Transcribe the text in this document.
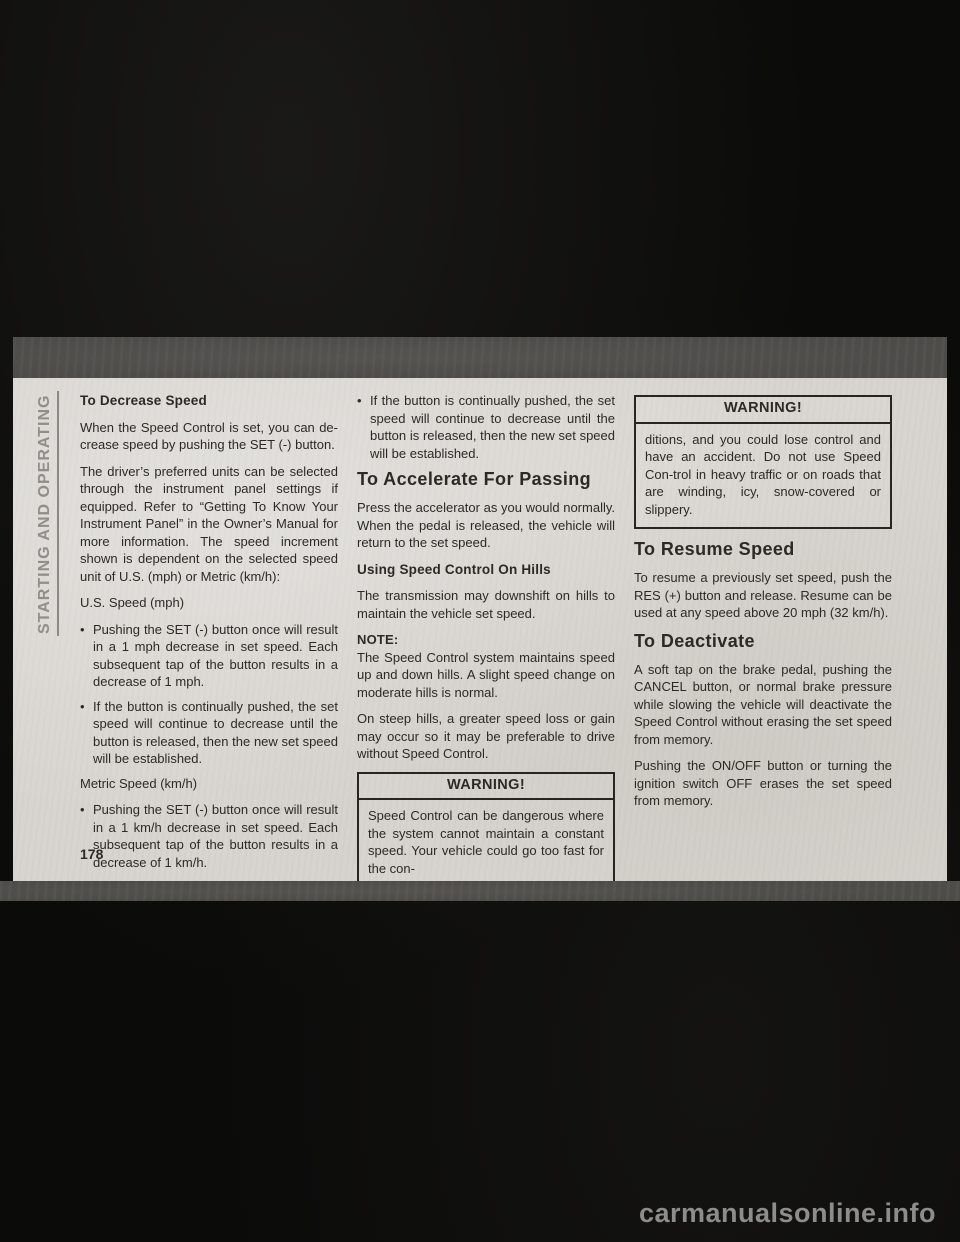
STARTING AND OPERATING	To Decrease Speed

When the Speed Control is set, you can de-crease speed by pushing the SET (-) button.

The driver’s preferred units can be selected through the instrument panel settings if equipped. Refer to “Getting To Know Your Instrument Panel” in the Owner’s Manual for more information. The speed increment shown is dependent on the selected speed unit of U.S. (mph) or Metric (km/h):

U.S. Speed (mph)
• Pushing the SET (-) button once will result in a 1 mph decrease in set speed. Each subsequent tap of the button results in a decrease of 1 mph.
• If the button is continually pushed, the set speed will continue to decrease until the button is released, then the new set speed will be established.
Metric Speed (km/h)
• Pushing the SET (-) button once will result in a 1 km/h decrease in set speed. Each subsequent tap of the button results in a decrease of 1 km/h.
• If the button is continually pushed, the set speed will continue to decrease until the button is released, then the new set speed will be established.
To Accelerate For Passing

Press the accelerator as you would normally. When the pedal is released, the vehicle will return to the set speed.

Using Speed Control On Hills

The transmission may downshift on hills to maintain the vehicle set speed.

NOTE:

The Speed Control system maintains speed up and down hills. A slight speed change on moderate hills is normal.

On steep hills, a greater speed loss or gain may occur so it may be preferable to drive without Speed Control.

WARNING!
Speed Control can be dangerous where the system cannot maintain a constant speed. Your vehicle could go too fast for the con-
WARNING!
ditions, and you could lose control and have an accident. Do not use Speed Con-trol in heavy traffic or on roads that are winding, icy, snow-covered or slippery.
To Resume Speed

To resume a previously set speed, push the RES (+) button and release. Resume can be used at any speed above 20 mph (32 km/h).

To Deactivate

A soft tap on the brake pedal, pushing the CANCEL button, or normal brake pressure while slowing the vehicle will deactivate the Speed Control without erasing the set speed from memory.

Pushing the ON/OFF button or turning the ignition switch OFF erases the set speed from memory.

178
carmanualsonline.info
